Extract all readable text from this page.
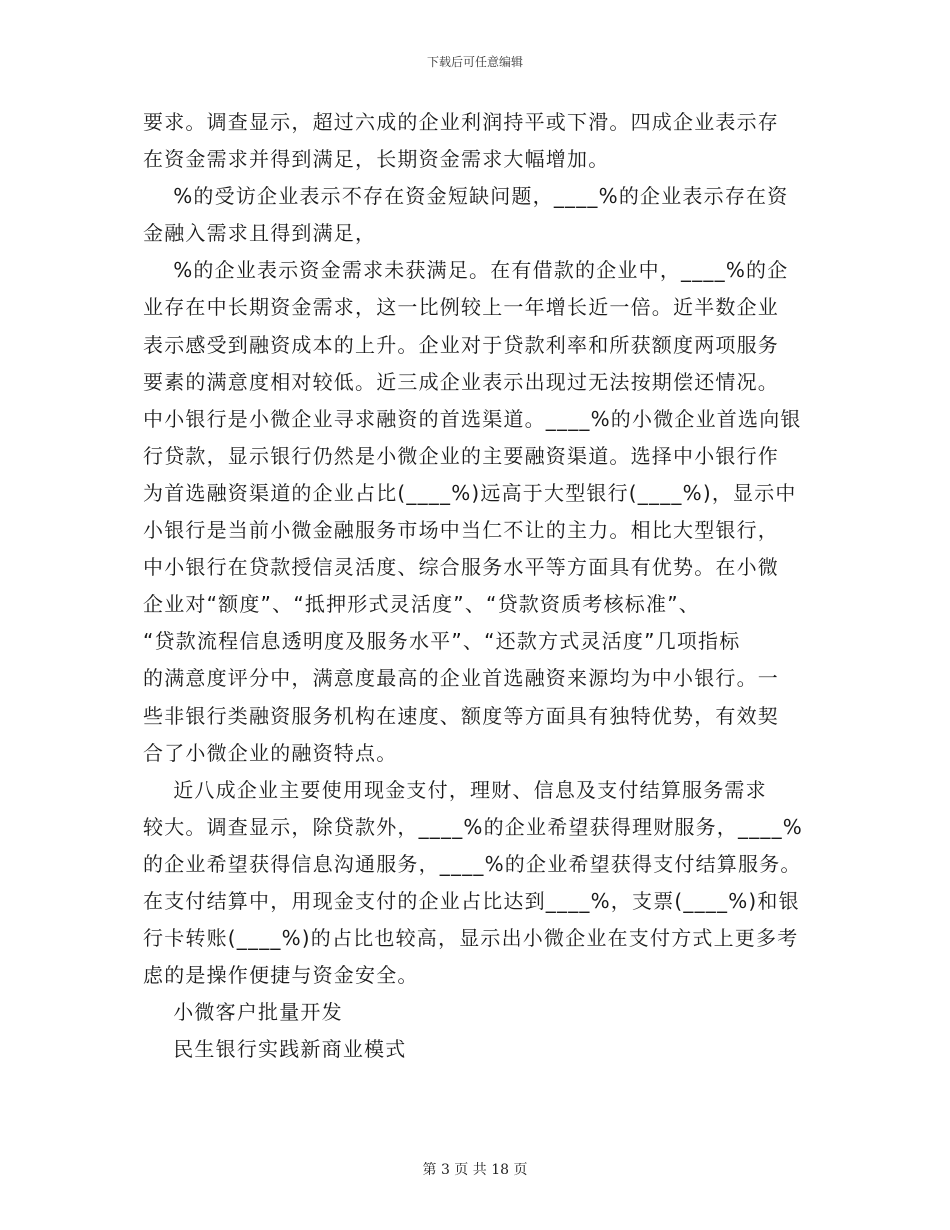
下载后可任意编辑
要求。调查显示，超过六成的企业利润持平或下滑。四成企业表示存
在资金需求并得到满足，长期资金需求大幅增加。
%的受访企业表示不存在资金短缺问题，____%的企业表示存在资
金融入需求且得到满足，
%的企业表示资金需求未获满足。在有借款的企业中，____%的企
业存在中长期资金需求，这一比例较上一年增长近一倍。近半数企业
表示感受到融资成本的上升。企业对于贷款利率和所获额度两项服务
要素的满意度相对较低。近三成企业表示出现过无法按期偿还情况。
中小银行是小微企业寻求融资的首选渠道。____%的小微企业首选向银
行贷款，显示银行仍然是小微企业的主要融资渠道。选择中小银行作
为首选融资渠道的企业占比(____%)远高于大型银行(____%)，显示中
小银行是当前小微金融服务市场中当仁不让的主力。相比大型银行，
中小银行在贷款授信灵活度、综合服务水平等方面具有优势。在小微
企业对“额度”、“抵押形式灵活度”、“贷款资质考核标准”、
“贷款流程信息透明度及服务水平”、“还款方式灵活度”几项指标
的满意度评分中，满意度最高的企业首选融资来源均为中小银行。一
些非银行类融资服务机构在速度、额度等方面具有独特优势，有效契
合了小微企业的融资特点。
近八成企业主要使用现金支付，理财、信息及支付结算服务需求
较大。调查显示，除贷款外，____%的企业希望获得理财服务，____%
的企业希望获得信息沟通服务，____%的企业希望获得支付结算服务。
在支付结算中，用现金支付的企业占比达到____%，支票(____%)和银
行卡转账(____%)的占比也较高，显示出小微企业在支付方式上更多考
虑的是操作便捷与资金安全。
小微客户批量开发
民生银行实践新商业模式
第 3 页 共 18 页
